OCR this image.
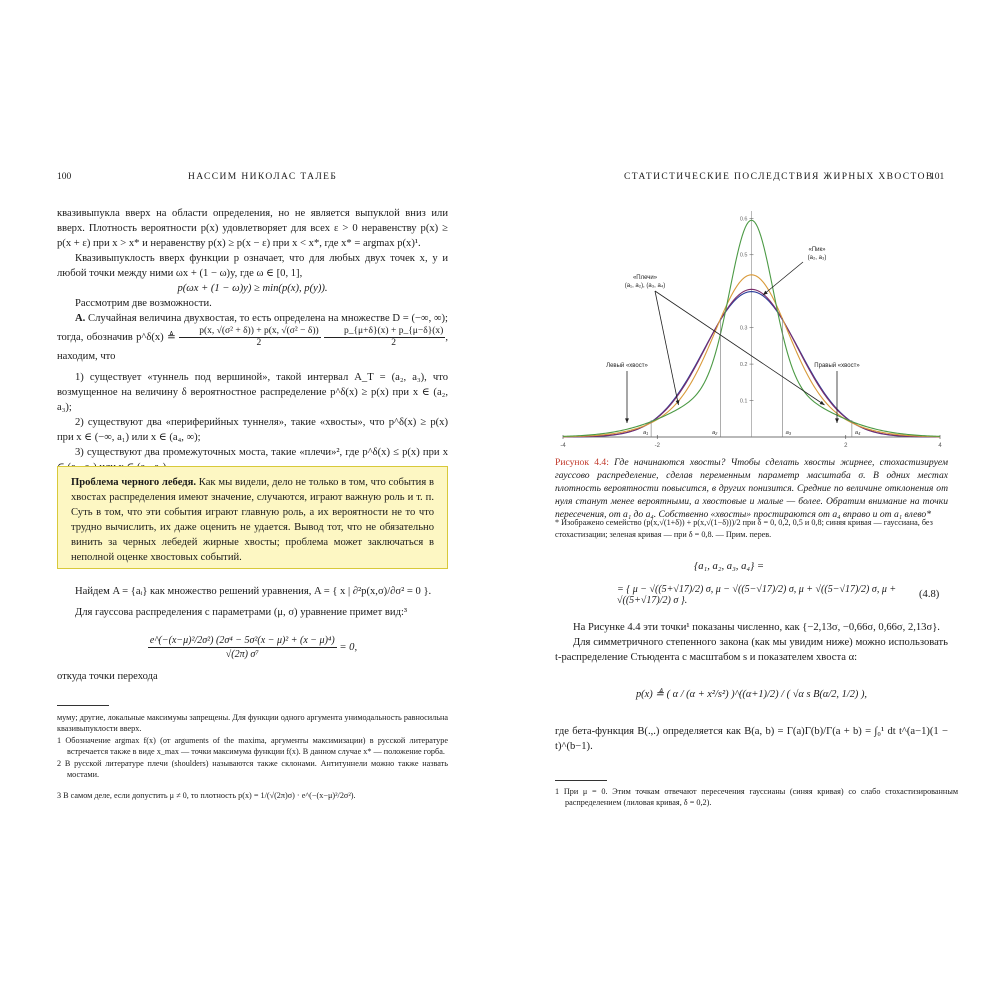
100	НАССИМ НИКОЛАС ТАЛЕБ

квазивыпукла вверх на области определения, но не является выпуклой вниз или вверх. Плотность вероятности p(x) удовлетворяет для всех ε > 0 неравенству p(x) ≥ p(x + ε) при x > x* и неравенству p(x) ≥ p(x − ε) при x < x*, где x* = argmax p(x)¹.

Квазивыпуклость вверх функции p означает, что для любых двух точек x, y и любой точки между ними ωx + (1 − ω)y, где ω ∈ [0, 1],

p(ωx + (1 − ω)y) ≥ min(p(x), p(y)).

Рассмотрим две возможности.

A. Случайная величина двухвостая, то есть определена на множестве D = (−∞, ∞); тогда, обозначив p^δ(x) ≜ $\frac{\text{p(x, √(σ² + δ)) + p(x, √(σ² − δ))}}{2}$
$\frac{p\_\{\mu+\delta\}(x) + p\_\{\mu-\delta\}(x)}{2}$ , находим, что

1) существует «туннель под вершиной», такой интервал A_T = (a₂, a₃), что возмущенное на величину δ вероятностное распределение p^δ(x) ≥ p(x) при x ∈ (a₂, a₃);

2) существуют два «периферийных туннеля», такие «хвосты», что p^δ(x) ≥ p(x) при x ∈ (−∞, a₁) или x ∈ (a₄, ∞);

3) существуют два промежуточных моста, такие «плечи»², где p^δ(x) ≤ p(x) при x

Проблема черного лебедя. Как мы видели, дело не только в том, что события в хвостах распределения имеют значение, случаются, играют важную роль и т. п. Суть в том, что эти события играют главную роль, а их вероятности не то что трудно вычислить, их даже оценить не удается. Вывод тот, что не обязательно винить за черных лебедей жирные хвосты; проблема может заключаться в неполной оценке хвостовых событий.

Найдем A = {aᵢ} как множество решений уравнения, A = { x | ∂²p(x,σ)/∂σ² = 0 }.

Для гауссова распределения с параметрами (μ, σ) уравнение примет вид:³

$\frac{\text{e\textasciicircum{}(−(x−μ)²/2σ²) (2σ⁴ − 5σ²(x − μ)² + (x − μ)⁴)}}{\text{√(2π) σ⁷}} = 0$,

откуда точки перехода

муму; другие, локальные максимумы запрещены. Для функции одного аргумента унимодальность равносильна квазивыпуклости вверх.

1 Обозначение argmax f(x) (от arguments of the maxima, аргументы максимизации) в русской литературе встречается также в виде x_max — точки максимума функции f(x). В данном случае x* — положение горба.

2 В русской литературе плечи (shoulders) называются также склонами. Антитуннели можно также назвать мостами.

3 В самом деле, если допустить μ ≠ 0, то плотность p(x) = 1/(√(2π)σ) · e^(−(x−μ)²/2σ²).

СТАТИСТИЧЕСКИЕ ПОСЛЕДСТВИЯ ЖИРНЫХ ХВОСТОВ
101
-4	-2	2	4
0.1
0.2
0.3
0.5
0.6
a₁	a₂	a₃	a₄
«Пик»
(a₂, a₃)
«Плечи»
(a₁, a₂), (a₃, a₄)
Левый «хвост»	Правый «хвост»
Рисунок 4.4: Где начинаются хвосты? Чтобы сделать хвосты жирнее, стохастизируем гауссово распределение, сделав переменным параметр масштаба σ. В одних местах плотность вероятности повысится, в других понизится. Средние по величине отклонения от нуля станут менее вероятными, а хвостовые и малые — более. Обратим внимание на точки пересечения, от a₁ до a₄. Собственно «хвосты» простираются от a₄ вправо и от a₁ влево*
* Изображено семейство (p(x,√(1+δ)) + p(x,√(1−δ)))/2 при δ = 0, 0,2, 0,5 и 0,8; синяя кривая — гауссиана, без стохастизации; зеленая кривая — при δ = 0,8. — Прим. перев.
{a₁, a₂, a₃, a₄} =
= { μ − √((5+√17)/2) σ, μ − √((5−√17)/2) σ, μ + √((5−√17)/2) σ, μ + √((5+√17)/2) σ }.
(4.8)

На Рисунке 4.4 эти точки¹ показаны численно, как {−2,13σ, −0,66σ, 0,66σ, 2,13σ}.

Для симметричного степенного закона (как мы увидим ниже) можно использовать t-распределение Стьюдента с масштабом s и показателем хвоста α:

p(x) ≜ ( α / (α + x²/s²) )^((α+1)/2) / ( √α s B(α/2, 1/2) ),

где бета-функция B(.,.) определяется как B(a, b) = Γ(a)Γ(b)/Γ(a + b) = ∫₀¹ dt t^(a−1)(1 − t)^(b−1).

1 При μ = 0. Этим точкам отвечают пересечения гауссианы (синяя кривая) со слабо стохастизированным распределением (лиловая кривая, δ = 0,2).
